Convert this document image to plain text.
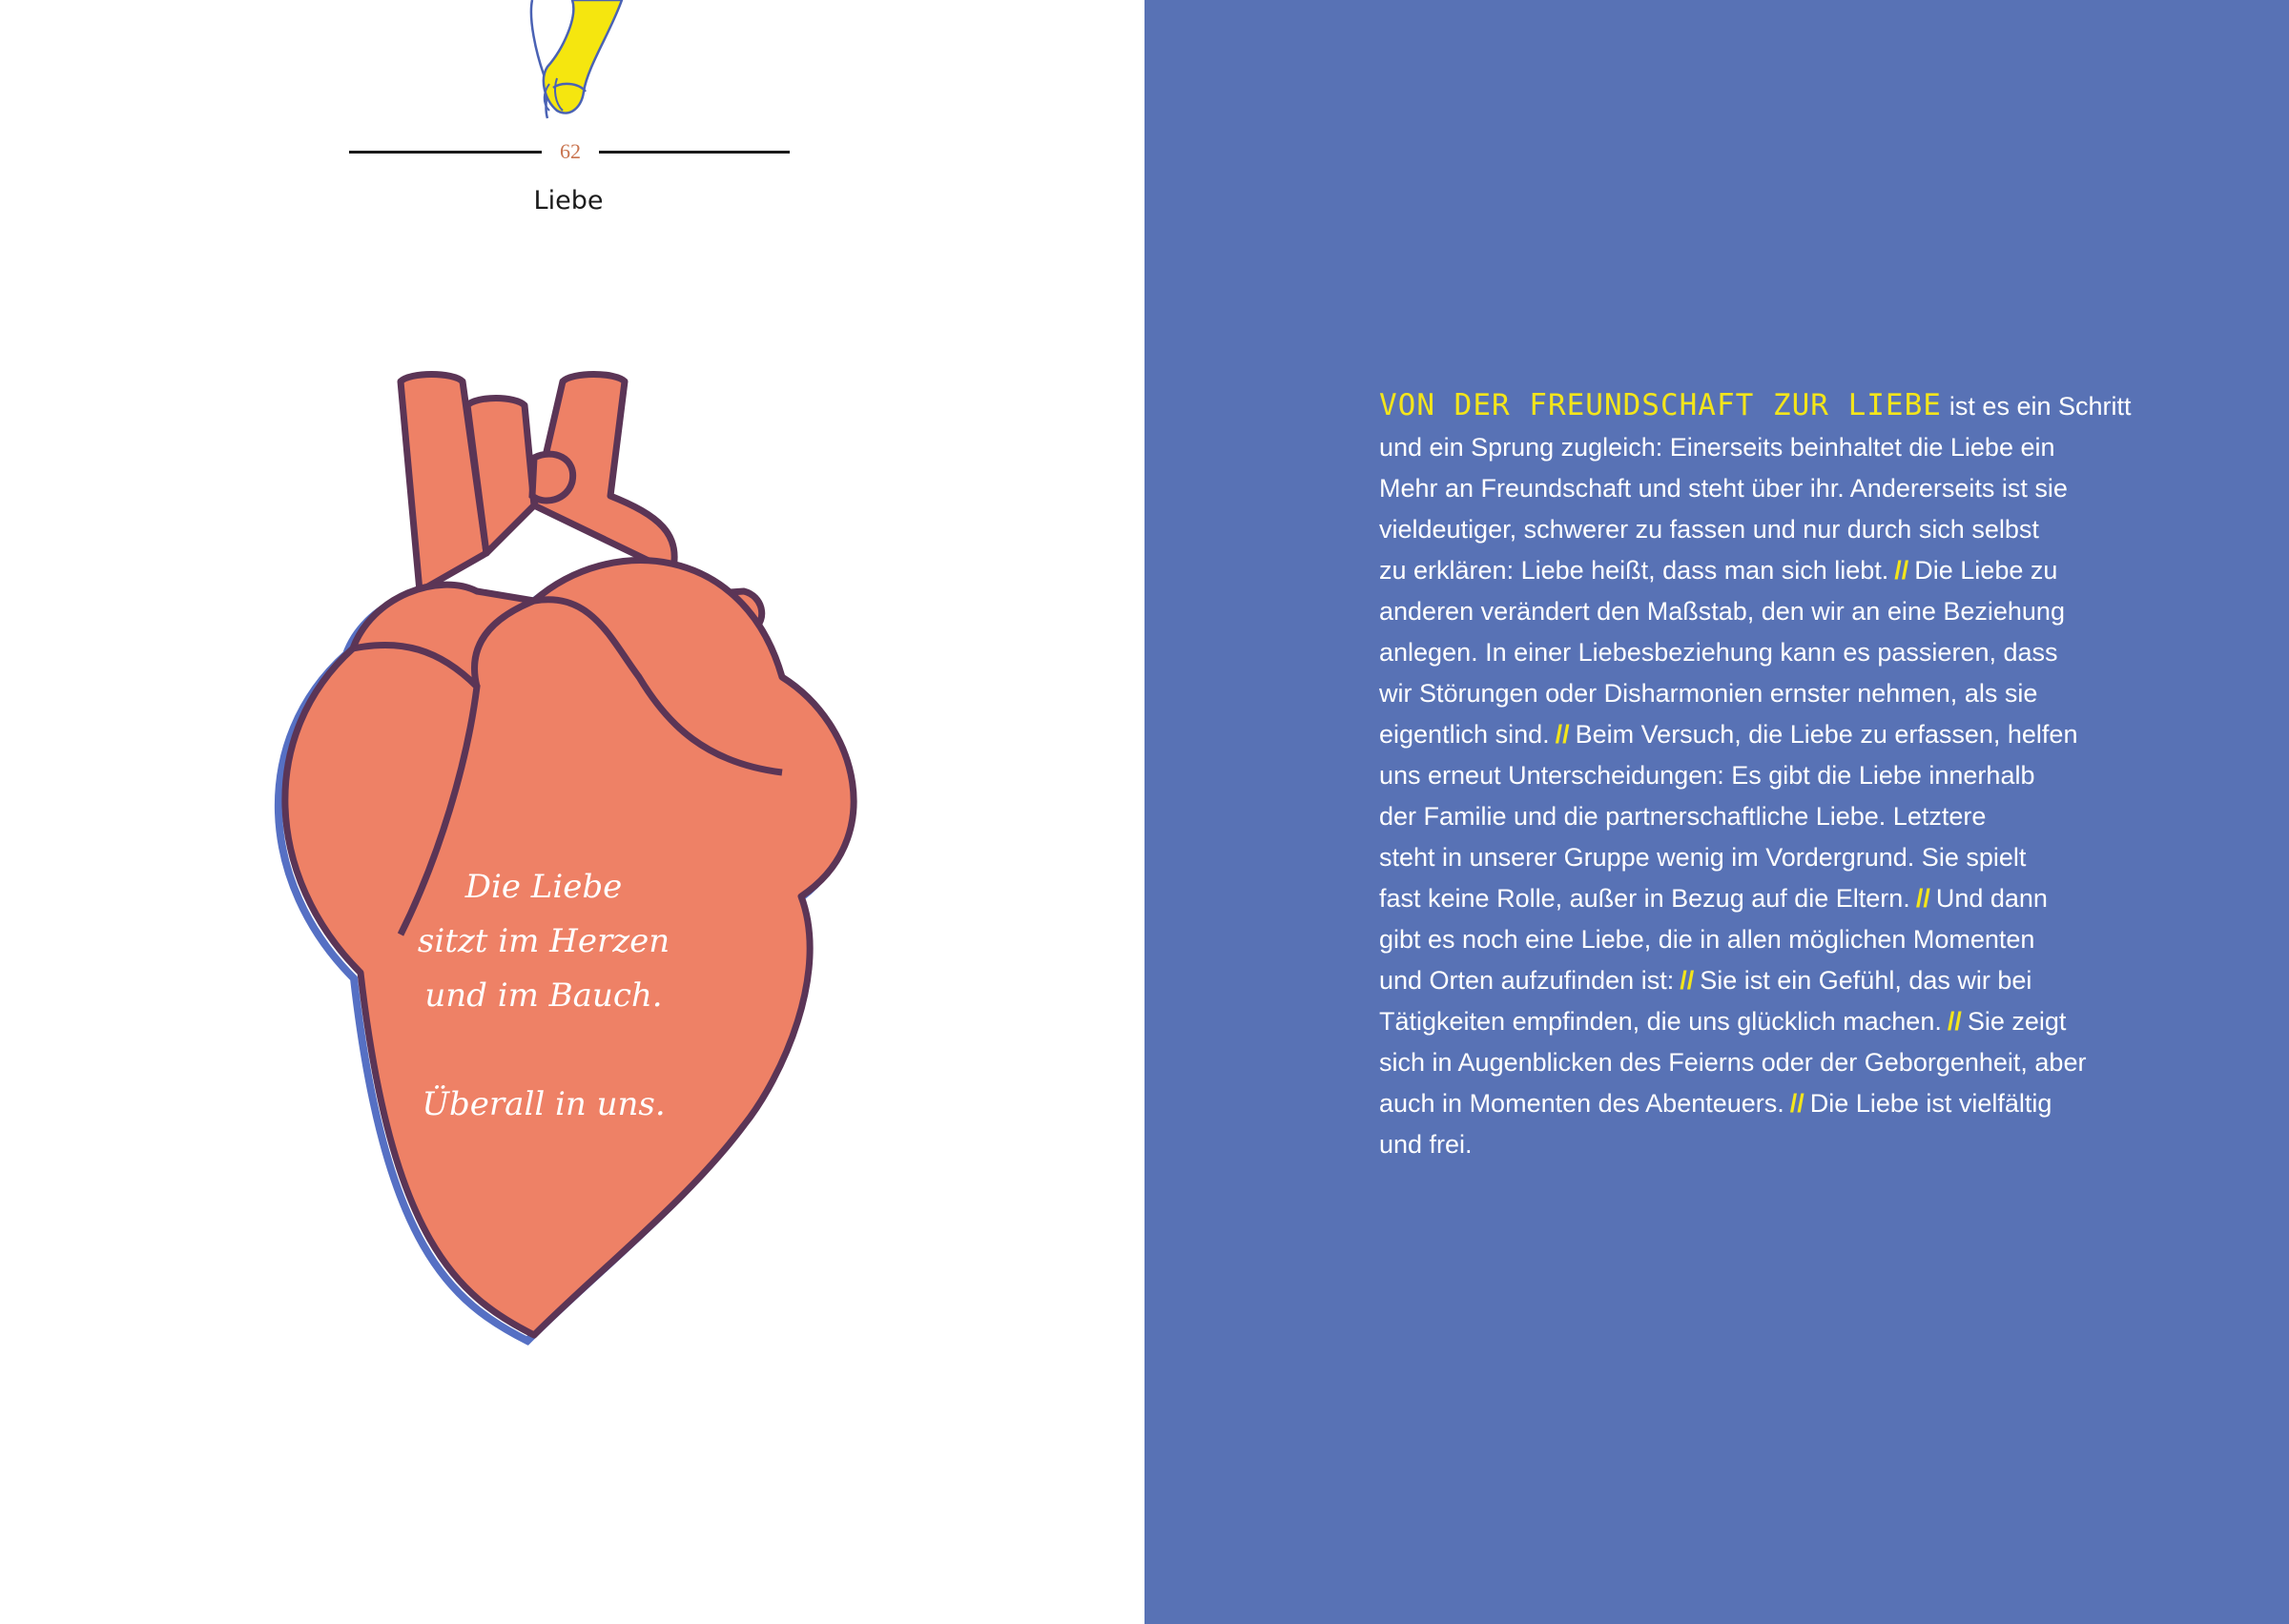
62
Liebe
Die Liebe
sitzt im Herzen
und im Bauch.
Überall in uns.
VON DER FREUNDSCHAFT ZUR LIEBE ist es ein Schritt
und ein Sprung zugleich: Einerseits beinhaltet die Liebe ein
Mehr an Freundschaft und steht über ihr. Andererseits ist sie
vieldeutiger, schwerer zu fassen und nur durch sich selbst
zu erklären: Liebe heißt, dass man sich liebt. // Die Liebe zu
anderen verändert den Maßstab, den wir an eine Beziehung
anlegen. In einer Liebesbeziehung kann es passieren, dass
wir Störungen oder Disharmonien ernster nehmen, als sie
eigentlich sind. // Beim Versuch, die Liebe zu erfassen, helfen
uns erneut Unterscheidungen: Es gibt die Liebe innerhalb
der Familie und die partnerschaftliche Liebe. Letztere
steht in unserer Gruppe wenig im Vordergrund. Sie spielt
fast keine Rolle, außer in Bezug auf die Eltern. // Und dann
gibt es noch eine Liebe, die in allen möglichen Momenten
und Orten aufzufinden ist: // Sie ist ein Gefühl, das wir bei
Tätigkeiten empfinden, die uns glücklich machen. // Sie zeigt
sich in Augenblicken des Feierns oder der Geborgenheit, aber
auch in Momenten des Abenteuers. // Die Liebe ist vielfältig
und frei.
